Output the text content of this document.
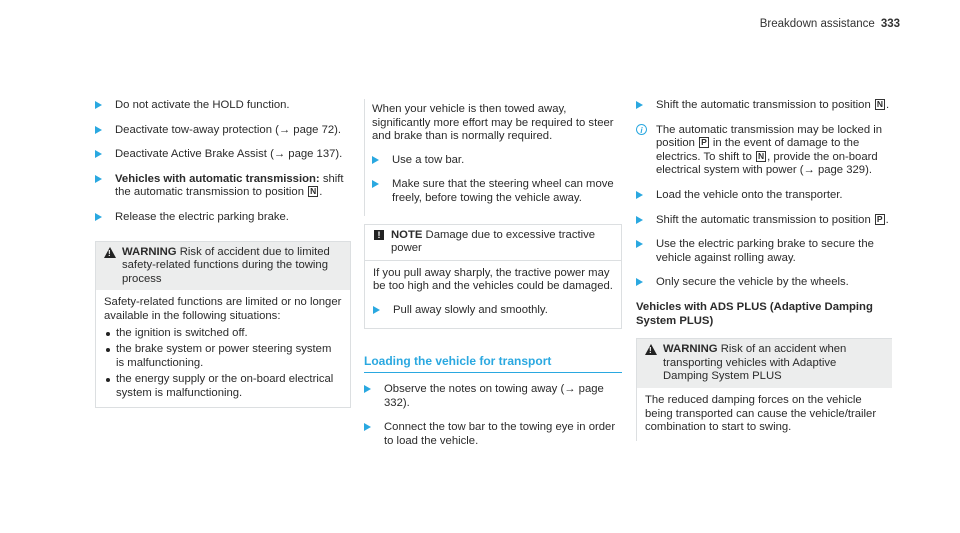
Breakdown assistance 333
Do not activate the HOLD function.
Deactivate tow-away protection (→ page 72).
Deactivate Active Brake Assist (→ page 137).
Vehicles with automatic transmission: shift the automatic transmission to position N .
Release the electric parking brake.
!
WARNING Risk of accident due to limited safety-related functions during the towing process
Safety-related functions are limited or no longer available in the following situations:
the ignition is switched off.
the brake system or power steering system is malfunctioning.
the energy supply or the on-board electrical system is malfunctioning.
When your vehicle is then towed away, significantly more effort may be required to steer and brake than is normally required.
Use a tow bar.
Make sure that the steering wheel can move freely, before towing the vehicle away.
! NOTE Damage due to excessive tractive power
If you pull away sharply, the tractive power may be too high and the vehicles could be damaged.
Pull away slowly and smoothly.
Loading the vehicle for transport
Observe the notes on towing away (→ page 332).
Connect the tow bar to the towing eye in order to load the vehicle.
Shift the automatic transmission to position N .
i	The automatic transmission may be locked in position P in the event of damage to the electrics. To shift to N , provide the on-board electrical system with power (→ page 329).
Load the vehicle onto the transporter.
Shift the automatic transmission to position P .
Use the electric parking brake to secure the vehicle against rolling away.
Only secure the vehicle by the wheels.
Vehicles with ADS PLUS (Adaptive Damping System PLUS)
!
WARNING Risk of an accident when transporting vehicles with Adaptive Damping System PLUS
The reduced damping forces on the vehicle being transported can cause the vehicle/trailer combination to start to swing.
